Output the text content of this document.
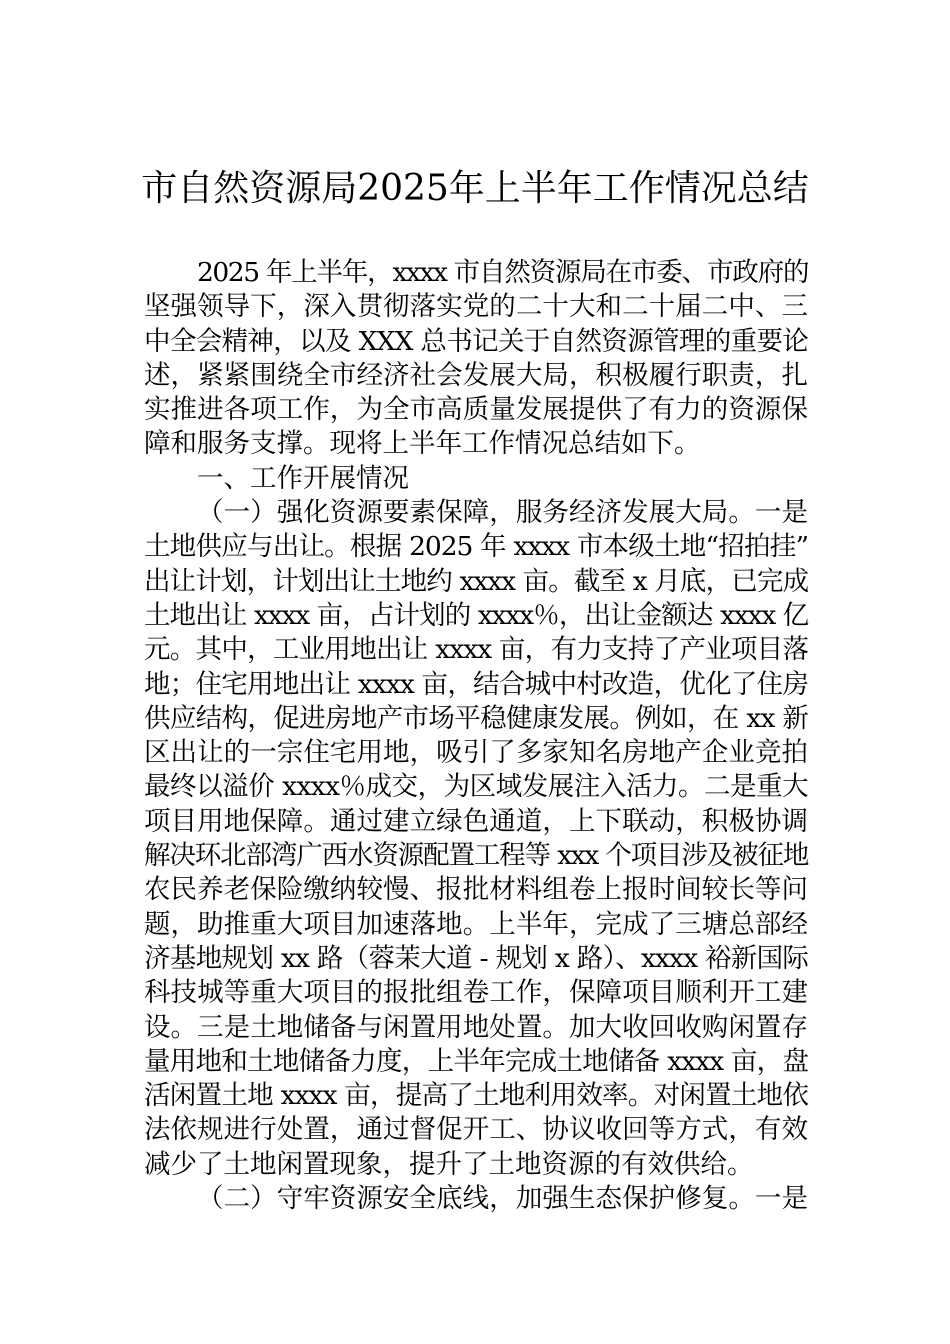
市自然资源局2025年上半年工作情况总结

2025 年上半年，xxxx 市自然资源局在市委、市政府的
坚强领导下，深入贯彻落实党的二十大和二十届二中、三
中全会精神，以及 XXX 总书记关于自然资源管理的重要论
述，紧紧围绕全市经济社会发展大局，积极履行职责，扎
实推进各项工作，为全市高质量发展提供了有力的资源保
障和服务支撑。现将上半年工作情况总结如下。

一、工作开展情况

（一）强化资源要素保障，服务经济发展大局。一是
土地供应与出让。根据 2025 年 xxxx 市本级土地“招拍挂”
出让计划，计划出让土地约 xxxx 亩。截至 x 月底，已完成
土地出让 xxxx 亩，占计划的 xxxx％，出让金额达 xxxx 亿
元。其中，工业用地出让 xxxx 亩，有力支持了产业项目落
地；住宅用地出让 xxxx 亩，结合城中村改造，优化了住房
供应结构，促进房地产市场平稳健康发展。例如，在 xx 新
区出让的一宗住宅用地，吸引了多家知名房地产企业竞拍
最终以溢价 xxxx％成交，为区域发展注入活力。二是重大
项目用地保障。通过建立绿色通道，上下联动，积极协调
解决环北部湾广西水资源配置工程等 xxx 个项目涉及被征地
农民养老保险缴纳较慢、报批材料组卷上报时间较长等问
题，助推重大项目加速落地。上半年，完成了三塘总部经
济基地规划 xx 路（蓉茉大道 - 规划 x 路）、xxxx 裕新国际
科技城等重大项目的报批组卷工作，保障项目顺利开工建
设。三是土地储备与闲置用地处置。加大收回收购闲置存
量用地和土地储备力度，上半年完成土地储备 xxxx 亩，盘
活闲置土地 xxxx 亩，提高了土地利用效率。对闲置土地依
法依规进行处置，通过督促开工、协议收回等方式，有效
减少了土地闲置现象，提升了土地资源的有效供给。

（二）守牢资源安全底线，加强生态保护修复。一是
